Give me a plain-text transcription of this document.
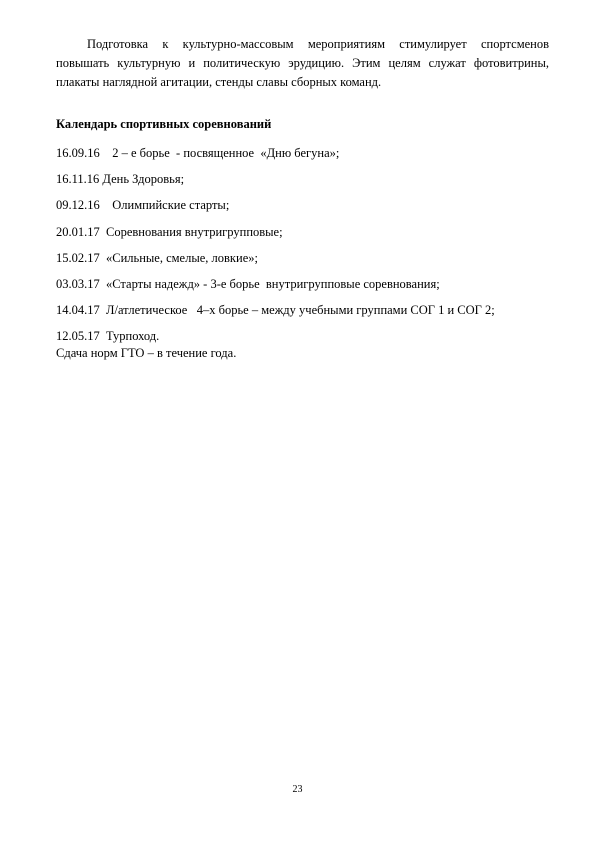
Подготовка к культурно-массовым мероприятиям стимулирует спортсменов повышать культурную и политическую эрудицию. Этим целям служат фотовитрины, плакаты наглядной агитации, стенды славы сборных команд.

Календарь спортивных соревнований

16.09.16    2 – е борье  - посвященное  «Дню бегуна»;
16.11.16 День Здоровья;
09.12.16    Олимпийские старты;
20.01.17  Соревнования внутригрупповые;
15.02.17  «Сильные, смелые, ловкие»;
03.03.17  «Старты надежд» - 3-е борье  внутригрупповые соревнования;
14.04.17  Л/атлетическое   4–х борье – между учебными группами СОГ 1 и СОГ 2;
12.05.17  Турпоход.

Сдача норм ГТО – в течение года.

23
